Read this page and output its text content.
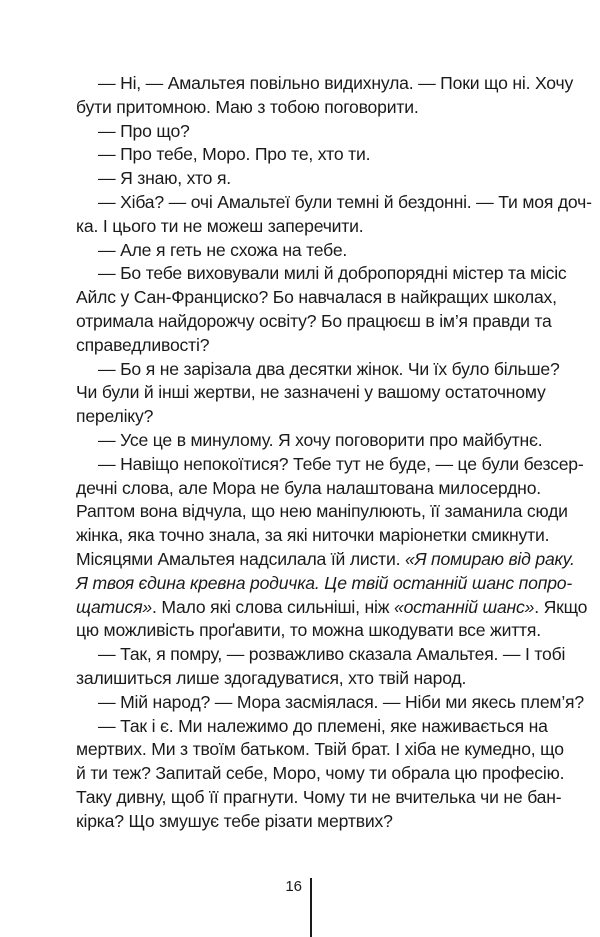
— Ні, — Амальтея повільно видихнула. — Поки що ні. Хочу
бути притомною. Маю з тобою поговорити.

— Про що?

— Про тебе, Моро. Про те, хто ти.

— Я знаю, хто я.

— Хіба? — очі Амальтеї були темні й бездонні. — Ти моя доч-
ка. І цього ти не можеш заперечити.

— Але я геть не схожа на тебе.

— Бо тебе виховували милі й добропорядні містер та місіс
Айлс у Сан-Франциско? Бо навчалася в найкращих школах,
отримала найдорожчу освіту? Бо працюєш в ім’я правди та
справедливості?

— Бо я не зарізала два десятки жінок. Чи їх було більше?
Чи були й інші жертви, не зазначені у вашому остаточному
переліку?

— Усе це в минулому. Я хочу поговорити про майбутнє.

— Навіщо непокоїтися? Тебе тут не буде, — це були безсер-
дечні слова, але Мора не була налаштована милосердно.
Раптом вона відчула, що нею маніпулюють, її заманила сюди
жінка, яка точно знала, за які ниточки маріонетки смикнути.
Місяцями Амальтея надсилала їй листи. «Я помираю від раку.
Я твоя єдина кревна родичка. Це твій останній шанс попро-
щатися». Мало які слова сильніші, ніж «останній шанс». Якщо
цю можливість проґавити, то можна шкодувати все життя.

— Так, я помру, — розважливо сказала Амальтея. — І тобі
залишиться лише здогадуватися, хто твій народ.

— Мій народ? — Мора засміялася. — Ніби ми якесь плем’я?

— Так і є. Ми належимо до племені, яке наживається на
мертвих. Ми з твоїм батьком. Твій брат. І хіба не кумедно, що
й ти теж? Запитай себе, Моро, чому ти обрала цю професію.
Таку дивну, щоб її прагнути. Чому ти не вчителька чи не бан-
кірка? Що змушує тебе різати мертвих?

16
